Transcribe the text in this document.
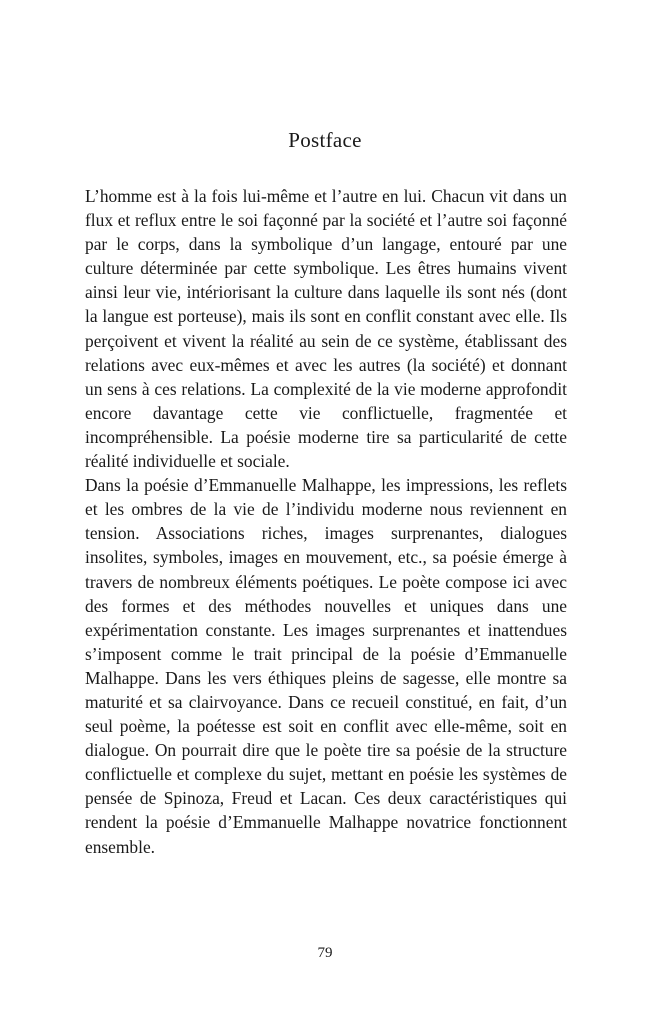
Postface

L’homme est à la fois lui-même et l’autre en lui. Chacun vit dans un flux et reflux entre le soi façonné par la société et l’autre soi façonné par le corps, dans la symbolique d’un langage, entouré par une culture déterminée par cette symbolique. Les êtres humains vivent ainsi leur vie, intériorisant la culture dans laquelle ils sont nés (dont la langue est porteuse), mais ils sont en conflit constant avec elle. Ils perçoivent et vivent la réalité au sein de ce système, établissant des relations avec eux-mêmes et avec les autres (la société) et donnant un sens à ces relations. La complexité de la vie moderne approfondit encore davantage cette vie conflictuelle, fragmentée et incompréhensible. La poésie moderne tire sa particularité de cette réalité individuelle et sociale.

Dans la poésie d’Emmanuelle Malhappe, les impressions, les reflets et les ombres de la vie de l’individu moderne nous reviennent en tension. Associations riches, images surprenantes, dialogues insolites, symboles, images en mouvement, etc., sa poésie émerge à travers de nombreux éléments poétiques. Le poète compose ici avec des formes et des méthodes nouvelles et uniques dans une expérimentation constante. Les images surprenantes et inattendues s’imposent comme le trait principal de la poésie d’Emmanuelle Malhappe. Dans les vers éthiques pleins de sagesse, elle montre sa maturité et sa clairvoyance. Dans ce recueil constitué, en fait, d’un seul poème, la poétesse est soit en conflit avec elle-même, soit en dialogue. On pourrait dire que le poète tire sa poésie de la structure conflictuelle et complexe du sujet, mettant en poésie les systèmes de pensée de Spinoza, Freud et Lacan. Ces deux caractéristiques qui rendent la poésie d’Emmanuelle Malhappe novatrice fonctionnent ensemble.

79
